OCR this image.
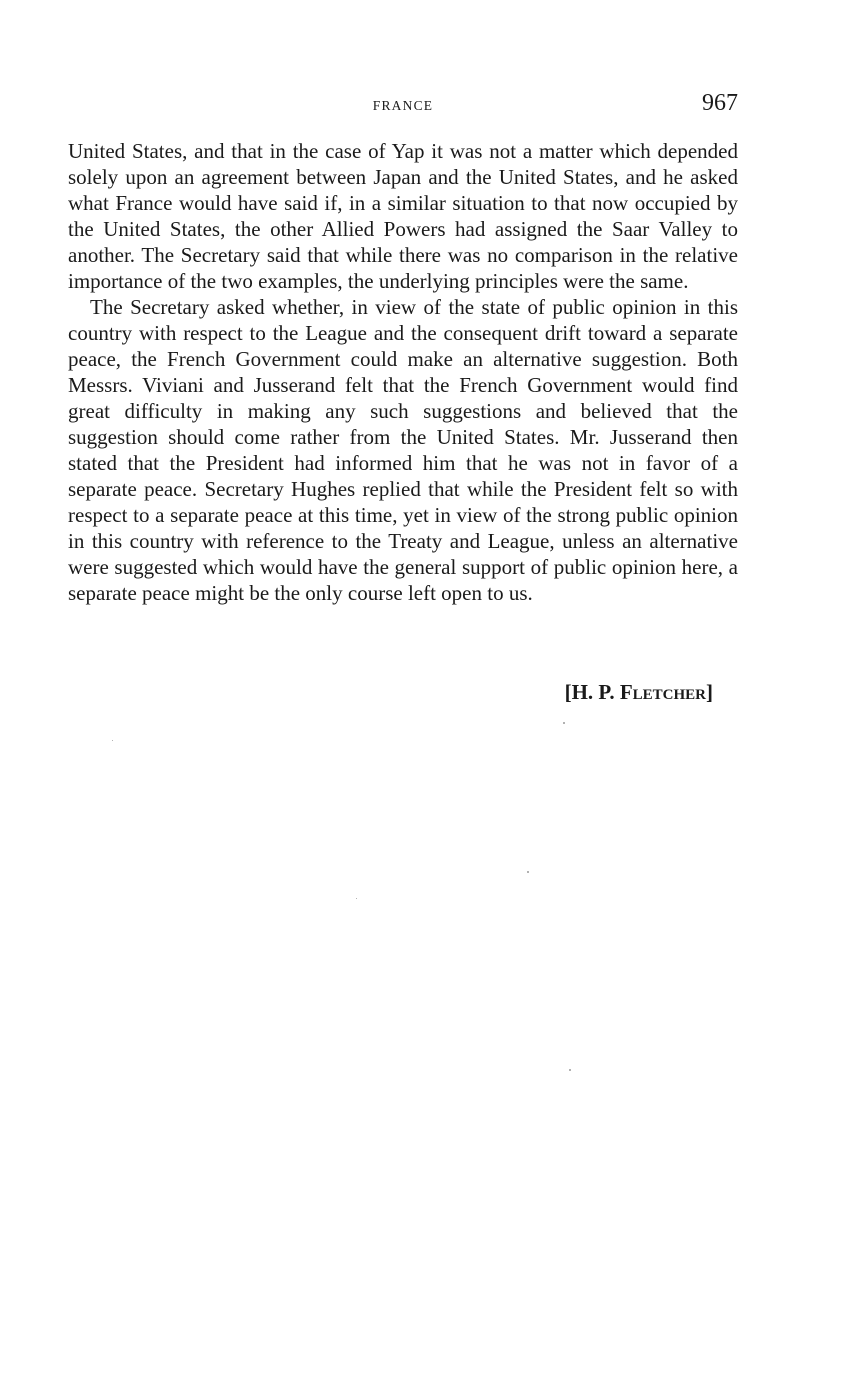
FRANCE	967

United States, and that in the case of Yap it was not a matter which depended solely upon an agreement between Japan and the United States, and he asked what France would have said if, in a similar situation to that now occupied by the United States, the other Allied Powers had assigned the Saar Valley to another. The Secretary said that while there was no comparison in the relative importance of the two examples, the underlying principles were the same.

The Secretary asked whether, in view of the state of public opinion in this country with respect to the League and the consequent drift toward a separate peace, the French Government could make an alternative suggestion. Both Messrs. Viviani and Jusserand felt that the French Government would find great difficulty in making any such suggestions and believed that the suggestion should come rather from the United States. Mr. Jusserand then stated that the President had informed him that he was not in favor of a separate peace. Secretary Hughes replied that while the President felt so with respect to a separate peace at this time, yet in view of the strong public opinion in this country with reference to the Treaty and League, unless an alternative were suggested which would have the general support of public opinion here, a separate peace might be the only course left open to us.

[H. P. Fletcher]
